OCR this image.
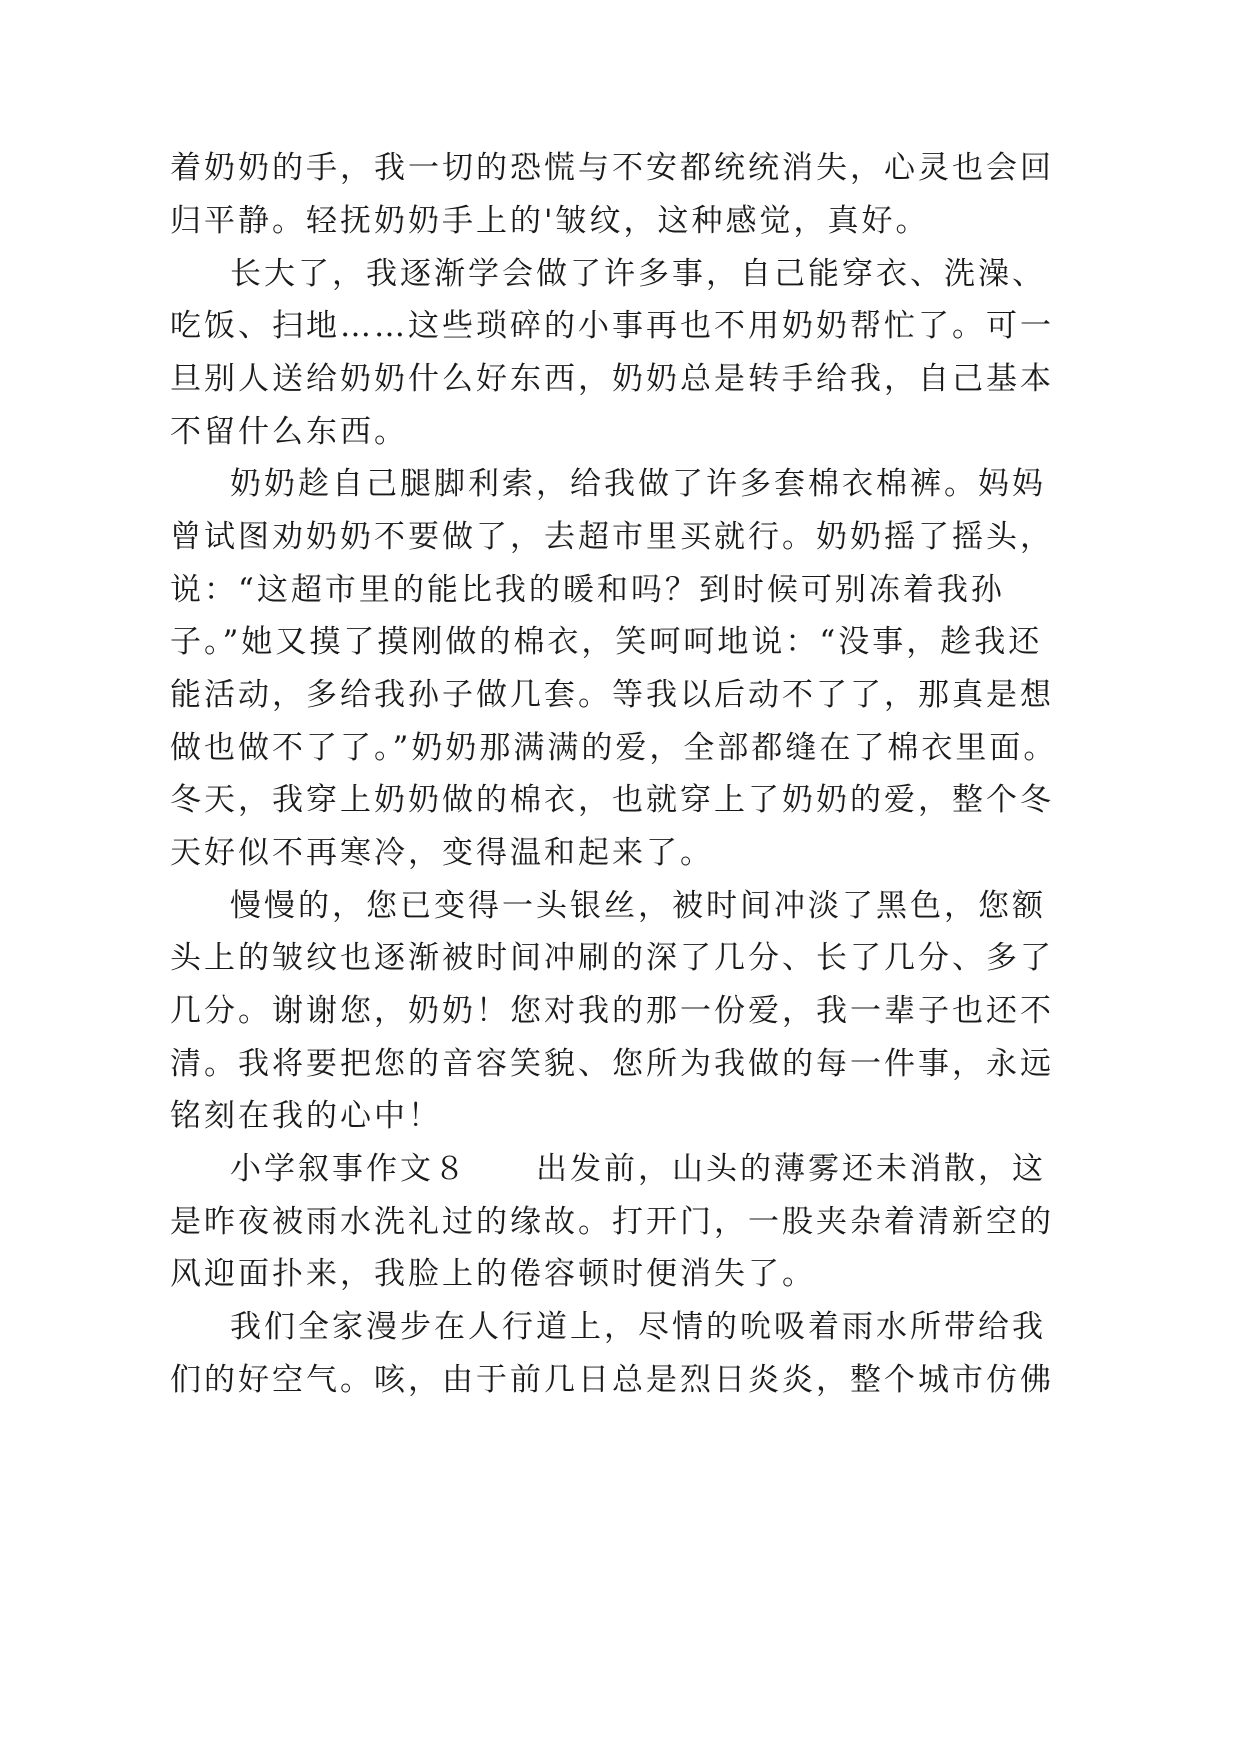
着奶奶的手，我一切的恐慌与不安都统统消失，心灵也会回

归平静。轻抚奶奶手上的'皱纹，这种感觉，真好。

长大了，我逐渐学会做了许多事，自己能穿衣、洗澡、

吃饭、扫地……这些琐碎的小事再也不用奶奶帮忙了。可一

旦别人送给奶奶什么好东西，奶奶总是转手给我，自己基本

不留什么东西。

奶奶趁自己腿脚利索，给我做了许多套棉衣棉裤。妈妈

曾试图劝奶奶不要做了，去超市里买就行。奶奶摇了摇头，

说：“这超市里的能比我的暖和吗？到时候可别冻着我孙

子。”她又摸了摸刚做的棉衣，笑呵呵地说：“没事，趁我还

能活动，多给我孙子做几套。等我以后动不了了，那真是想

做也做不了了。”奶奶那满满的爱，全部都缝在了棉衣里面。

冬天，我穿上奶奶做的棉衣，也就穿上了奶奶的爱，整个冬

天好似不再寒冷，变得温和起来了。

慢慢的，您已变得一头银丝，被时间冲淡了黑色，您额

头上的皱纹也逐渐被时间冲刷的深了几分、长了几分、多了

几分。谢谢您，奶奶！您对我的那一份爱，我一辈子也还不

清。我将要把您的音容笑貌、您所为我做的每一件事，永远

铭刻在我的心中！

小学叙事作文８　　出发前，山头的薄雾还未消散，这

是昨夜被雨水洗礼过的缘故。打开门，一股夹杂着清新空的

风迎面扑来，我脸上的倦容顿时便消失了。

我们全家漫步在人行道上，尽情的吮吸着雨水所带给我

们的好空气。咳，由于前几日总是烈日炎炎，整个城市仿佛
